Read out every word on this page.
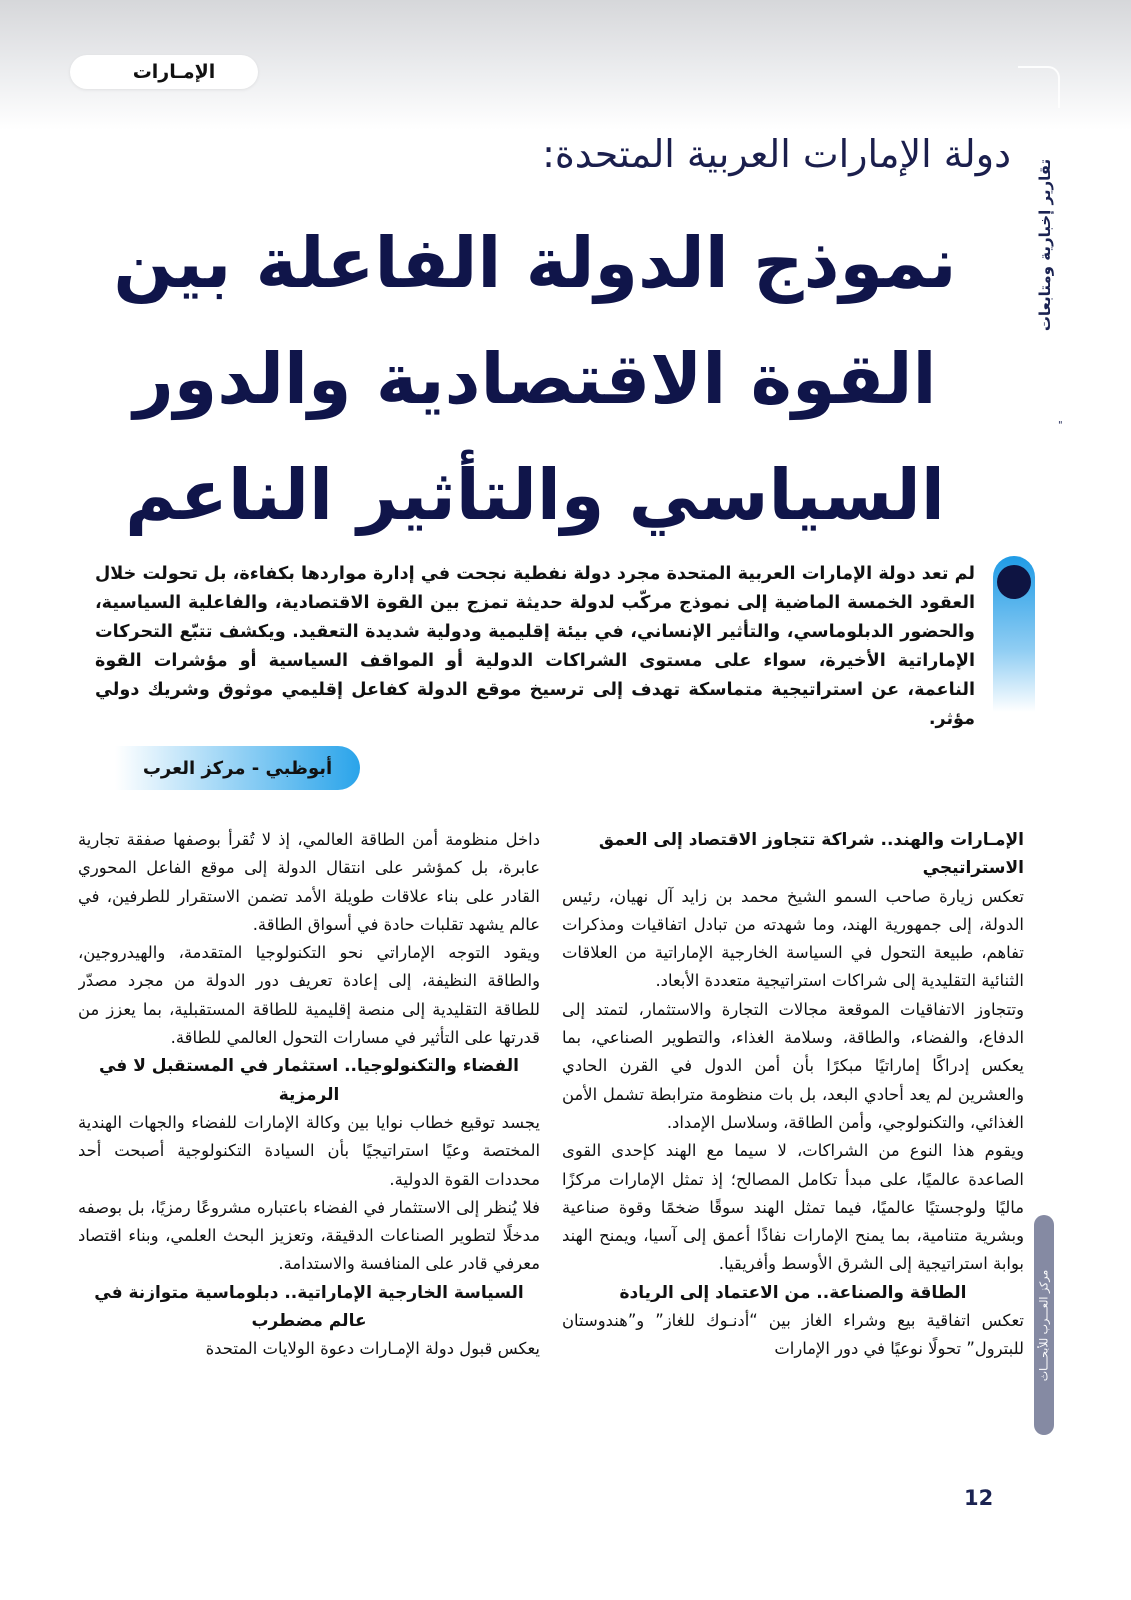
الإمـارات
تقارير إخبارية ومتابعات
"
دولة الإمارات العربية المتحدة:
نموذج الدولة الفاعلة بين
القوة الاقتصادية والدور
السياسي والتأثير الناعم
لم تعد دولة الإمارات العربية المتحدة مجرد دولة نفطية نجحت في إدارة مواردها بكفاءة، بل تحولت خلال العقود الخمسة الماضية إلى نموذج مركّب لدولة حديثة تمزج بين القوة الاقتصادية، والفاعلية السياسية، والحضور الدبلوماسي، والتأثير الإنساني، في بيئة إقليمية ودولية شديدة التعقيد. ويكشف تتبّع التحركات الإماراتية الأخيرة، سواء على مستوى الشراكات الدولية أو المواقف السياسية أو مؤشرات القوة الناعمة، عن استراتيجية متماسكة تهدف إلى ترسيخ موقع الدولة كفاعل إقليمي موثوق وشريك دولي مؤثر.
أبوظبي - مركز العرب
الإمـارات والهند.. شراكة تتجاوز الاقتصاد إلى العمق الاستراتيجي

تعكس زيارة صاحب السمو الشيخ محمد بن زايد آل نهيان، رئيس الدولة، إلى جمهورية الهند، وما شهدته من تبادل اتفاقيات ومذكرات تفاهم، طبيعة التحول في السياسة الخارجية الإماراتية من العلاقات الثنائية التقليدية إلى شراكات استراتيجية متعددة الأبعاد.

وتتجاوز الاتفاقيات الموقعة مجالات التجارة والاستثمار، لتمتد إلى الدفاع، والفضاء، والطاقة، وسلامة الغذاء، والتطوير الصناعي، بما يعكس إدراكًا إماراتيًا مبكرًا بأن أمن الدول في القرن الحادي والعشرين لم يعد أحادي البعد، بل بات منظومة مترابطة تشمل الأمن الغذائي، والتكنولوجي، وأمن الطاقة، وسلاسل الإمداد.

ويقوم هذا النوع من الشراكات، لا سيما مع الهند كإحدى القوى الصاعدة عالميًا، على مبدأ تكامل المصالح؛ إذ تمثل الإمارات مركزًا ماليًا ولوجستيًا عالميًا، فيما تمثل الهند سوقًا ضخمًا وقوة صناعية وبشرية متنامية، بما يمنح الإمارات نفاذًا أعمق إلى آسيا، ويمنح الهند بوابة استراتيجية إلى الشرق الأوسط وأفريقيا.

الطاقة والصناعة.. من الاعتماد إلى الريادة

تعكس اتفاقية بيع وشراء الغاز بين “أدنـوك للغاز” و”هندوستان للبترول” تحولًا نوعيًا في دور الإمارات

داخل منظومة أمن الطاقة العالمي، إذ لا تُقرأ بوصفها صفقة تجارية عابرة، بل كمؤشر على انتقال الدولة إلى موقع الفاعل المحوري القادر على بناء علاقات طويلة الأمد تضمن الاستقرار للطرفين، في عالم يشهد تقلبات حادة في أسواق الطاقة.

ويقود التوجه الإماراتي نحو التكنولوجيا المتقدمة، والهيدروجين، والطاقة النظيفة، إلى إعادة تعريف دور الدولة من مجرد مصدّر للطاقة التقليدية إلى منصة إقليمية للطاقة المستقبلية، بما يعزز من قدرتها على التأثير في مسارات التحول العالمي للطاقة.

الفضاء والتكنولوجيا.. استثمار في المستقبل لا في الرمزية

يجسد توقيع خطاب نوايا بين وكالة الإمارات للفضاء والجهات الهندية المختصة وعيًا استراتيجيًا بأن السيادة التكنولوجية أصبحت أحد محددات القوة الدولية.

فلا يُنظر إلى الاستثمار في الفضاء باعتباره مشروعًا رمزيًا، بل بوصفه مدخلًا لتطوير الصناعات الدقيقة، وتعزيز البحث العلمي، وبناء اقتصاد معرفي قادر على المنافسة والاستدامة.

السياسة الخارجية الإماراتية.. دبلوماسية متوازنة في عالم مضطرب

يعكس قبول دولة الإمـارات دعوة الولايات المتحدة	مركز العـــرب للأبحـــاث
12
